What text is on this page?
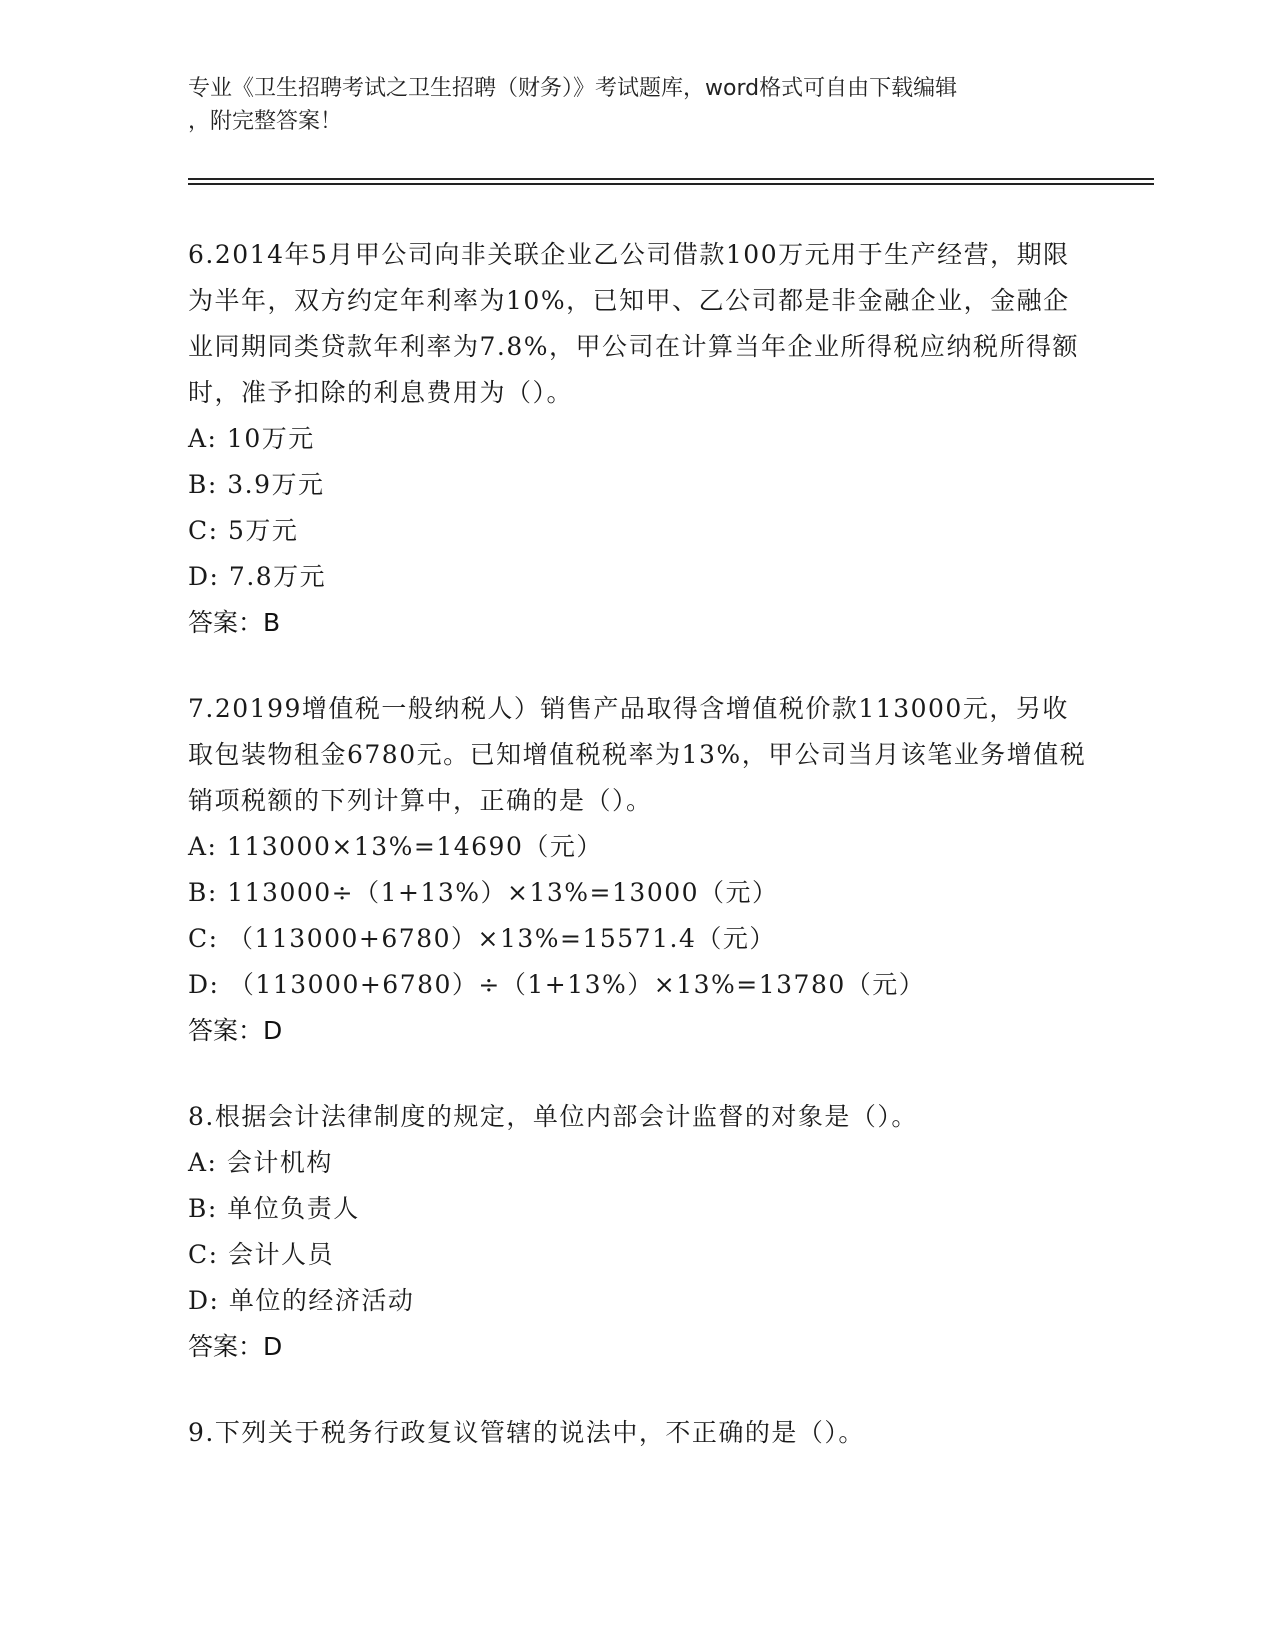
专业《卫生招聘考试之卫生招聘（财务）》考试题库，word格式可自由下载编辑
，附完整答案！

6.2014年5月甲公司向非关联企业乙公司借款100万元用于生产经营，期限为半年，双方约定年利率为10%，已知甲、乙公司都是非金融企业，金融企业同期同类贷款年利率为7.8%，甲公司在计算当年企业所得税应纳税所得额时，准予扣除的利息费用为（）。

A: 10万元

B: 3.9万元

C: 5万元

D: 7.8万元

答案：B

7.20199增值税一般纳税人）销售产品取得含增值税价款113000元，另收取包装物租金6780元。已知增值税税率为13%，甲公司当月该笔业务增值税销项税额的下列计算中，正确的是（）。

A: 113000×13%=14690（元）

B: 113000÷（1+13%）×13%=13000（元）

C: （113000+6780）×13%=15571.4（元）

D: （113000+6780）÷（1+13%）×13%=13780（元）

答案：D

8.根据会计法律制度的规定，单位内部会计监督的对象是（）。

A: 会计机构

B: 单位负责人

C: 会计人员

D: 单位的经济活动

答案：D

9.下列关于税务行政复议管辖的说法中，不正确的是（）。
